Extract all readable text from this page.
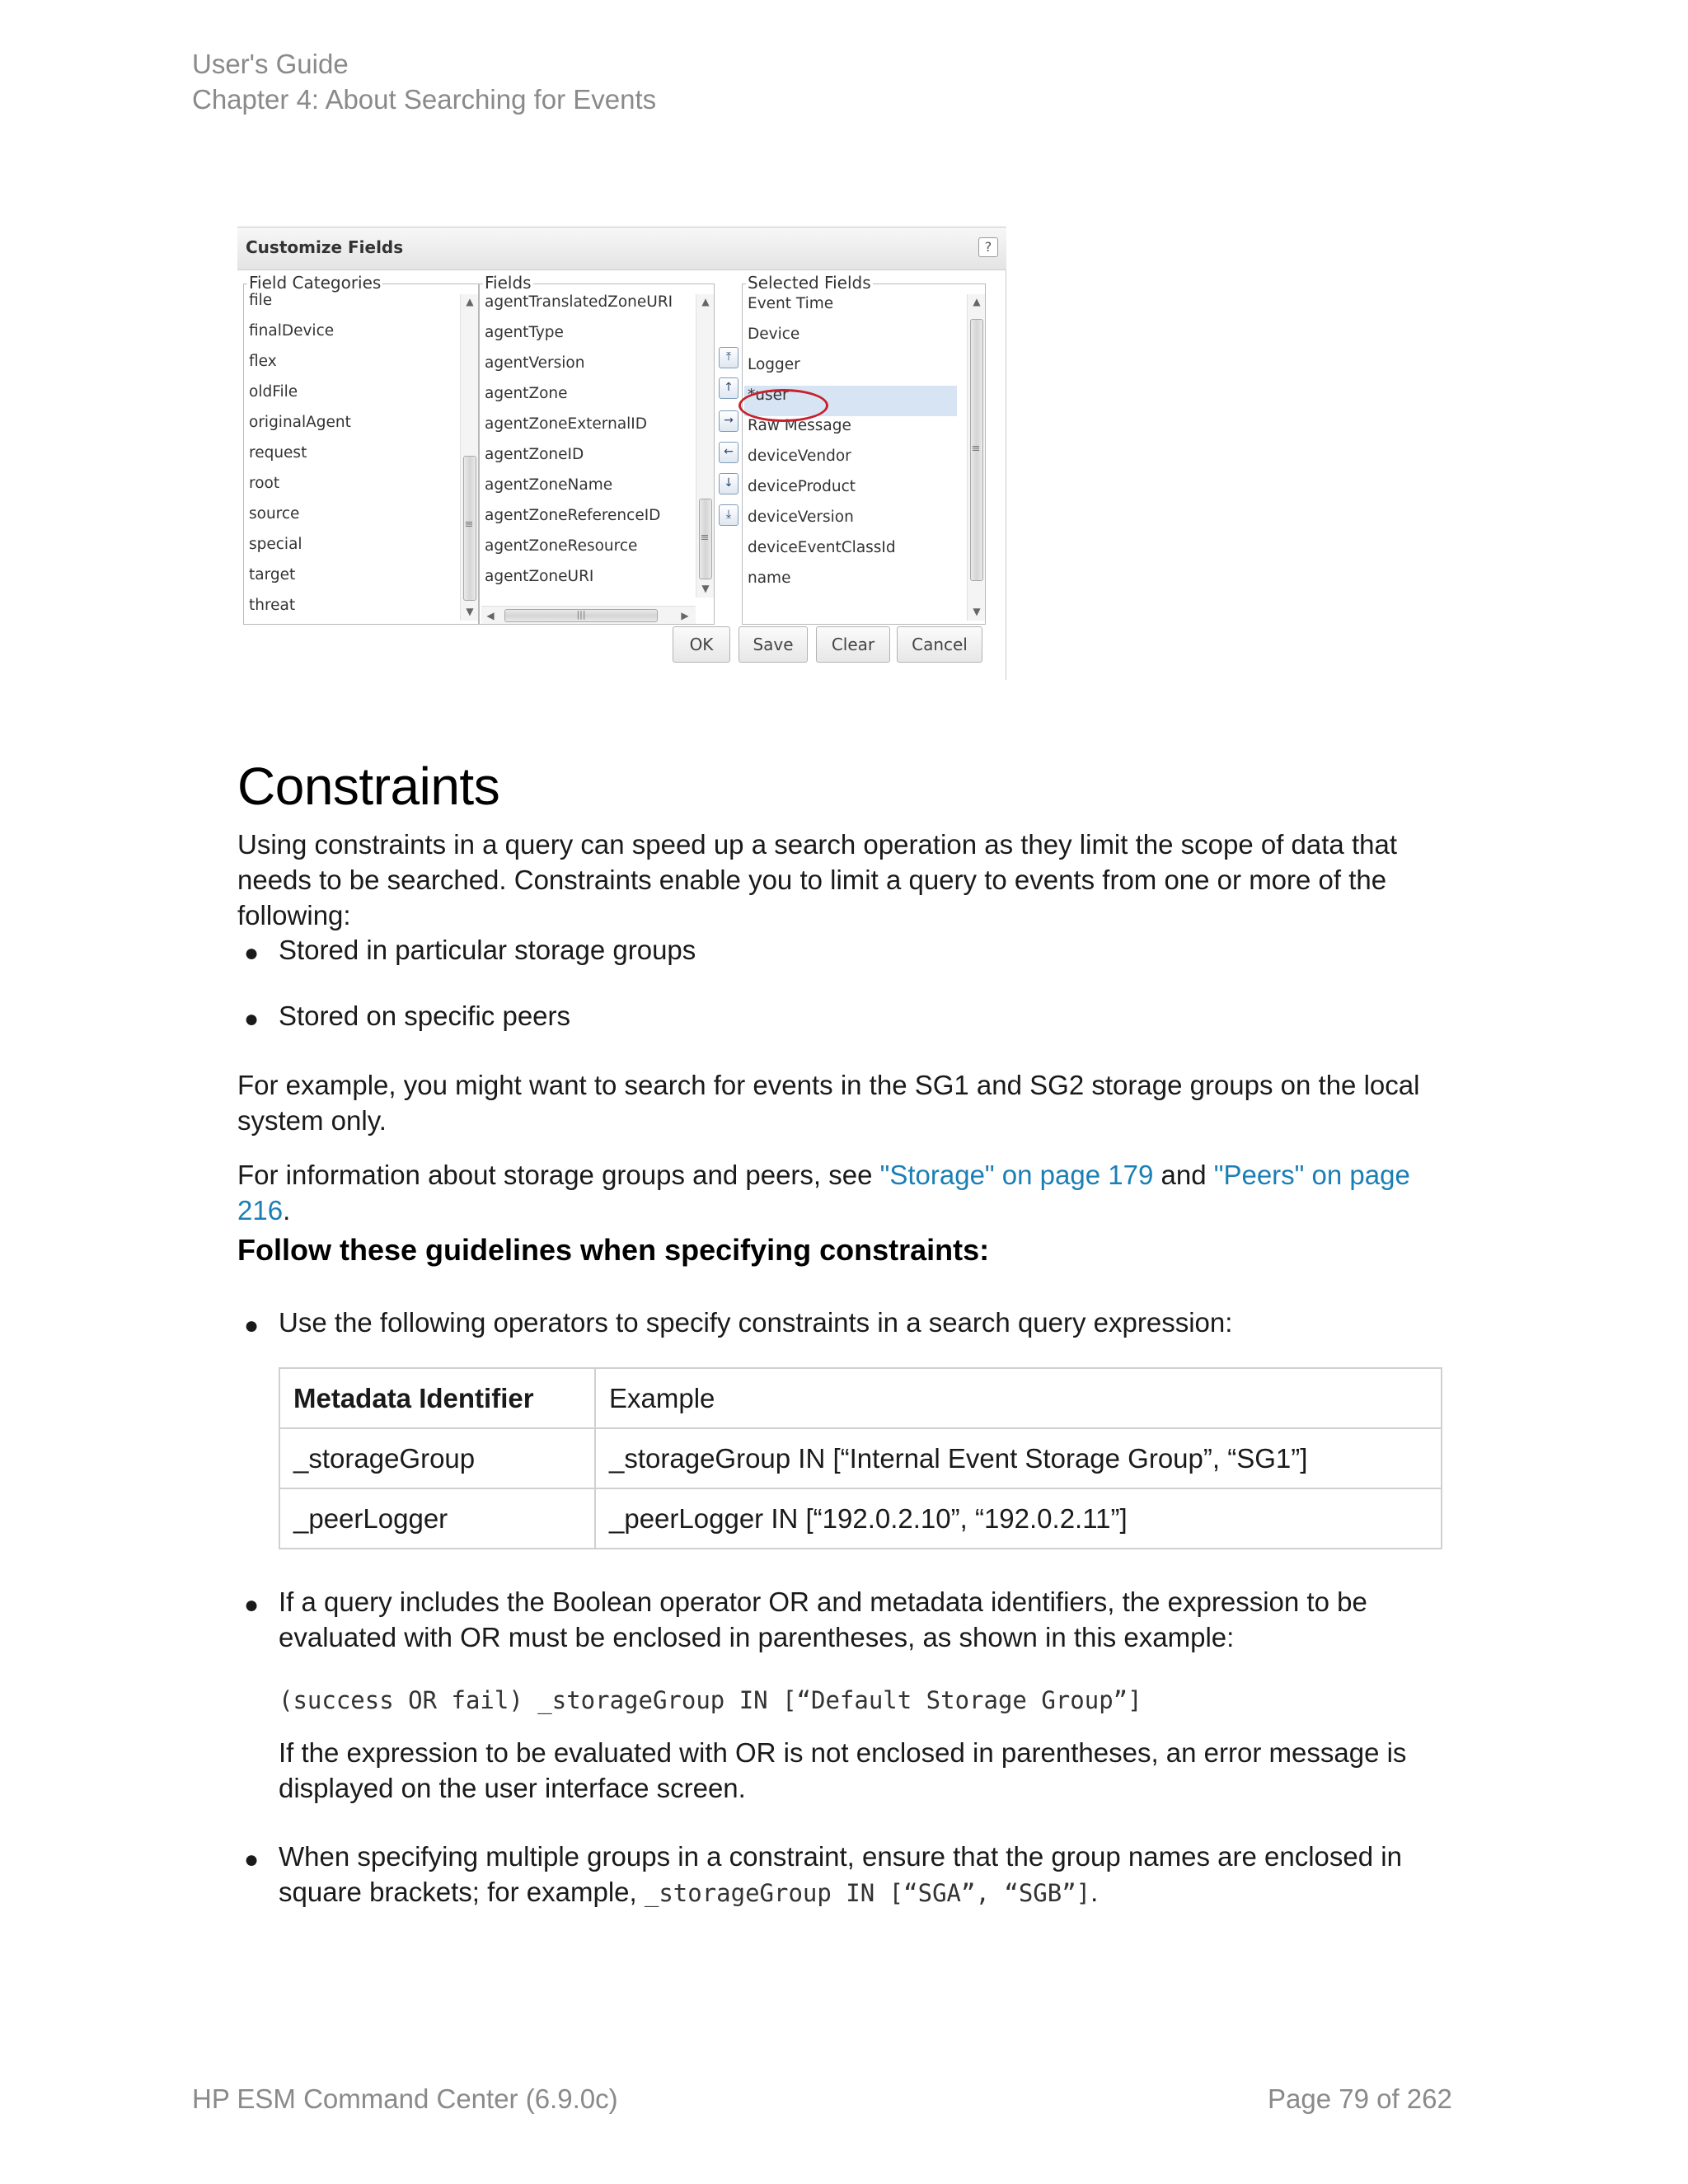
User's Guide
Chapter 4: About Searching for Events
Customize Fields	?
Field Categories
file
finalDevice
flex
oldFile
originalAgent
request
root
source
special
target
threat
▲
≡
▼
Fields
agentTranslatedZoneURI
agentType
agentVersion
agentZone
agentZoneExternalID
agentZoneID
agentZoneName
agentZoneReferenceID
agentZoneResource
agentZoneURI
▲
≡
▼
◀	|||	▶
⤒
↑
→
←
↓
⤓
Selected Fields
Event Time
Device
Logger
*user
Raw Message
deviceVendor
deviceProduct
deviceVersion
deviceEventClassId
name
▲
≡
▼
OK	Save	Clear	Cancel
Constraints

Using constraints in a query can speed up a search operation as they limit the scope of data that needs to be searched. Constraints enable you to limit a query to events from one or more of the following:

● Stored in particular storage groups

● Stored on specific peers

For example, you might want to search for events in the SG1 and SG2 storage groups on the local system only.

For information about storage groups and peers, see "Storage" on page 179 and "Peers" on page 216.

Follow these guidelines when specifying constraints:
● Use the following operators to specify constraints in a search query expression:

Metadata Identifier	Example
_storageGroup	_storageGroup IN [“Internal Event Storage Group”, “SG1”]
_peerLogger	_peerLogger IN [“192.0.2.10”, “192.0.2.11”]
● If a query includes the Boolean operator OR and metadata identifiers, the expression to be evaluated with OR must be enclosed in parentheses, as shown in this example:

(success OR fail) _storageGroup IN [“Default Storage Group”]

If the expression to be evaluated with OR is not enclosed in parentheses, an error message is displayed on the user interface screen.

● When specifying multiple groups in a constraint, ensure that the group names are enclosed in square brackets; for example, _storageGroup IN [“SGA”, “SGB”].

HP ESM Command Center (6.9.0c)	Page 79 of 262
